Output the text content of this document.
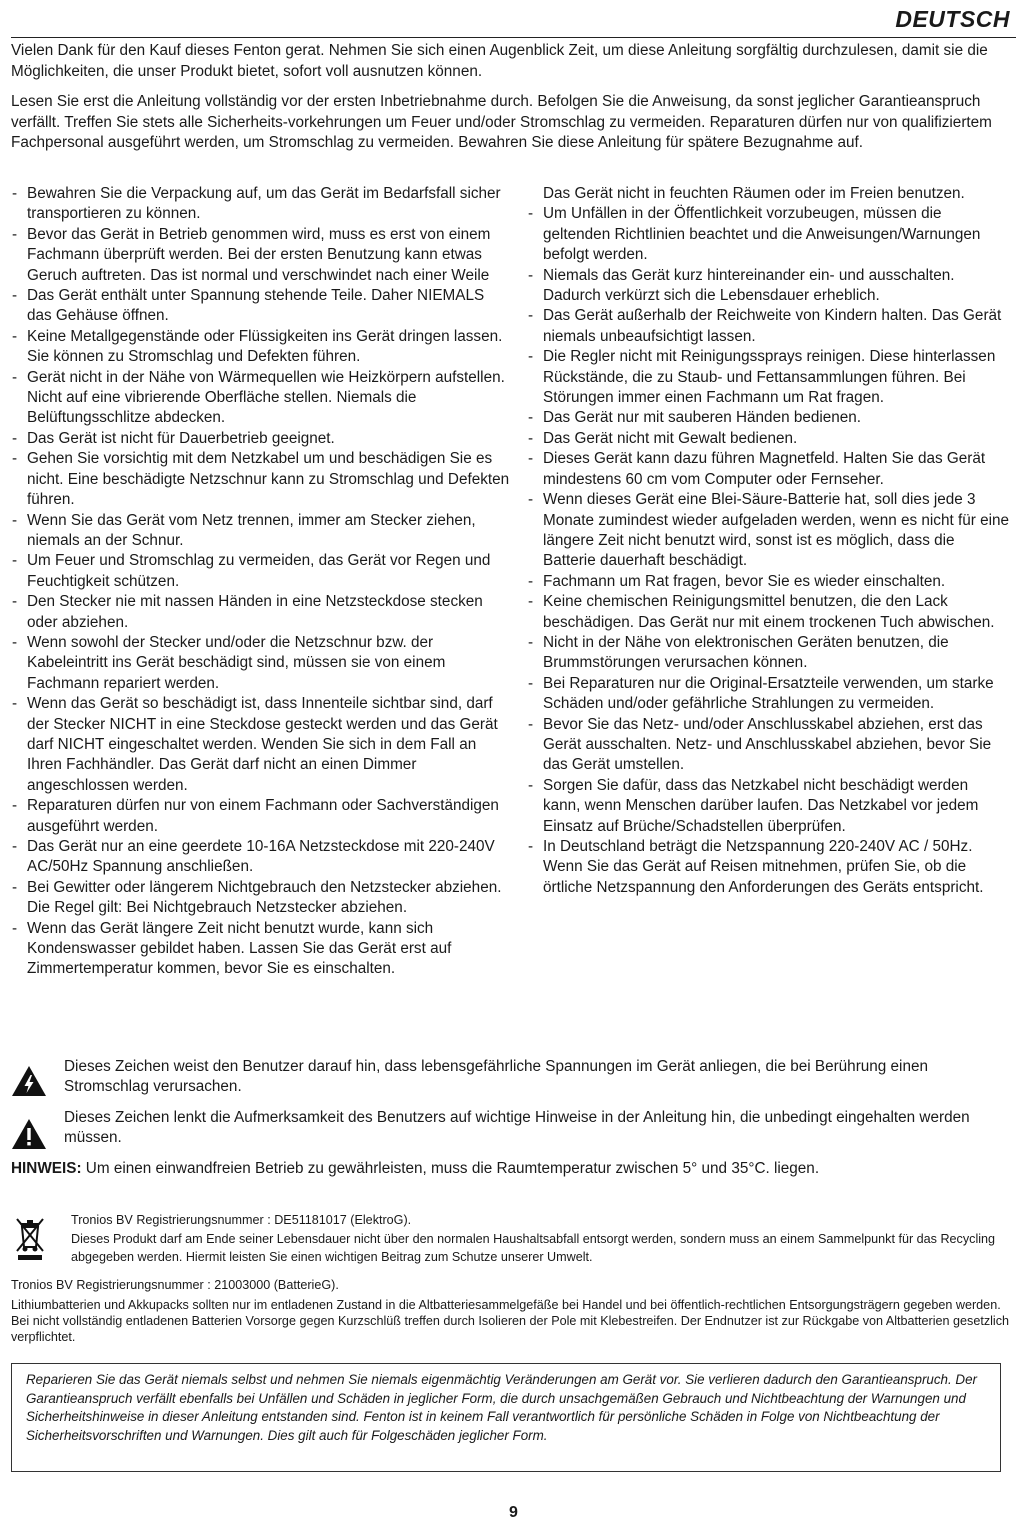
DEUTSCH

Vielen Dank für den Kauf dieses Fenton gerat. Nehmen Sie sich einen Augenblick Zeit, um diese Anleitung sorgfältig durchzulesen, damit sie die Möglichkeiten, die unser Produkt bietet, sofort voll ausnutzen können.

Lesen Sie erst die Anleitung vollständig vor der ersten Inbetriebnahme durch. Befolgen Sie die Anweisung, da sonst jeglicher Garantieanspruch verfällt. Treffen Sie stets alle Sicherheits-vorkehrungen um Feuer und/oder Stromschlag zu vermeiden. Reparaturen dürfen nur von qualifiziertem Fachpersonal ausgeführt werden, um Stromschlag zu vermeiden. Bewahren Sie diese Anleitung für spätere Bezugnahme auf.

- Bewahren Sie die Verpackung auf, um das Gerät im Bedarfsfall sicher transportieren zu können.
- Bevor das Gerät in Betrieb genommen wird, muss es erst von einem Fachmann überprüft werden. Bei der ersten Benutzung kann etwas Geruch auftreten. Das ist normal und verschwindet nach einer Weile
- Das Gerät enthält unter Spannung stehende Teile. Daher NIEMALS das Gehäuse öffnen.
- Keine Metallgegenstände oder Flüssigkeiten ins Gerät dringen lassen. Sie können zu Stromschlag und Defekten führen.
- Gerät nicht in der Nähe von Wärmequellen wie Heizkörpern aufstellen. Nicht auf eine vibrierende Oberfläche stellen. Niemals die Belüftungsschlitze abdecken.
- Das Gerät ist nicht für Dauerbetrieb geeignet.
- Gehen Sie vorsichtig mit dem Netzkabel um und beschädigen Sie es nicht. Eine beschädigte Netzschnur kann zu Stromschlag und Defekten führen.
- Wenn Sie das Gerät vom Netz trennen, immer am Stecker ziehen, niemals an der Schnur.
- Um Feuer und Stromschlag zu vermeiden, das Gerät vor Regen und Feuchtigkeit schützen.
- Den Stecker nie mit nassen Händen in eine Netzsteckdose stecken oder abziehen.
- Wenn sowohl der Stecker und/oder die Netzschnur bzw. der Kabeleintritt ins Gerät beschädigt sind, müssen sie von einem Fachmann repariert werden.
- Wenn das Gerät so beschädigt ist, dass Innenteile sichtbar sind, darf der Stecker NICHT in eine Steckdose gesteckt werden und das Gerät darf NICHT eingeschaltet werden. Wenden Sie sich in dem Fall an Ihren Fachhändler. Das Gerät darf nicht an einen Dimmer angeschlossen werden.
- Reparaturen dürfen nur von einem Fachmann oder Sachverständigen ausgeführt werden.
- Das Gerät nur an eine geerdete 10-16A Netzsteckdose mit 220-240V AC/50Hz Spannung anschließen.
- Bei Gewitter oder längerem Nichtgebrauch den Netzstecker abziehen. Die Regel gilt: Bei Nichtgebrauch Netzstecker abziehen.
- Wenn das Gerät längere Zeit nicht benutzt wurde, kann sich Kondenswasser gebildet haben. Lassen Sie das Gerät erst auf Zimmertemperatur kommen, bevor Sie es einschalten.
Das Gerät nicht in feuchten Räumen oder im Freien benutzen.
- Um Unfällen in der Öffentlichkeit vorzubeugen, müssen die geltenden Richtlinien beachtet und die Anweisungen/Warnungen befolgt werden.
- Niemals das Gerät kurz hintereinander ein- und ausschalten. Dadurch verkürzt sich die Lebensdauer erheblich.
- Das Gerät außerhalb der Reichweite von Kindern halten. Das Gerät niemals unbeaufsichtigt lassen.
- Die Regler nicht mit Reinigungssprays reinigen. Diese hinterlassen Rückstände, die zu Staub- und Fettansammlungen führen. Bei Störungen immer einen Fachmann um Rat fragen.
- Das Gerät nur mit sauberen Händen bedienen.
- Das Gerät nicht mit Gewalt bedienen.
- Dieses Gerät kann dazu führen Magnetfeld. Halten Sie das Gerät mindestens 60 cm vom Computer oder Fernseher.
- Wenn dieses Gerät eine Blei-Säure-Batterie hat, soll dies jede 3 Monate zumindest wieder aufgeladen werden, wenn es nicht für eine längere Zeit nicht benutzt wird, sonst ist es möglich, dass die Batterie dauerhaft beschädigt.
- Fachmann um Rat fragen, bevor Sie es wieder einschalten.
- Keine chemischen Reinigungsmittel benutzen, die den Lack beschädigen. Das Gerät nur mit einem trockenen Tuch abwischen.
- Nicht in der Nähe von elektronischen Geräten benutzen, die Brummstörungen verursachen können.
- Bei Reparaturen nur die Original-Ersatzteile verwenden, um starke Schäden und/oder gefährliche Strahlungen zu vermeiden.
- Bevor Sie das Netz- und/oder Anschlusskabel abziehen, erst das Gerät ausschalten. Netz- und Anschlusskabel abziehen, bevor Sie das Gerät umstellen.
- Sorgen Sie dafür, dass das Netzkabel nicht beschädigt werden kann, wenn Menschen darüber laufen. Das Netzkabel vor jedem Einsatz auf Brüche/Schadstellen überprüfen.
- In Deutschland beträgt die Netzspannung 220-240V AC / 50Hz. Wenn Sie das Gerät auf Reisen mitnehmen, prüfen Sie, ob die örtliche Netzspannung den Anforderungen des Geräts entspricht.
Dieses Zeichen weist den Benutzer darauf hin, dass lebensgefährliche Spannungen im Gerät anliegen, die bei Berührung einen Stromschlag verursachen.
Dieses Zeichen lenkt die Aufmerksamkeit des Benutzers auf wichtige Hinweise in der Anleitung hin, die unbedingt eingehalten werden müssen.
HINWEIS: Um einen einwandfreien Betrieb zu gewährleisten, muss die Raumtemperatur zwischen 5° und 35°C. liegen.
Tronios BV Registrierungsnummer : DE51181017 (ElektroG).
Dieses Produkt darf am Ende seiner Lebensdauer nicht über den normalen Haushaltsabfall entsorgt werden, sondern muss an einem Sammelpunkt für das Recycling abgegeben werden. Hiermit leisten Sie einen wichtigen Beitrag zum Schutze unserer Umwelt.

Tronios BV Registrierungsnummer : 21003000 (BatterieG).

Lithiumbatterien und Akkupacks sollten nur im entladenen Zustand in die Altbatteriesammelgefäße bei Handel und bei öffentlich-rechtlichen Entsorgungsträgern gegeben werden. Bei nicht vollständig entladenen Batterien Vorsorge gegen Kurzschlüß treffen durch Isolieren der Pole mit Klebestreifen. Der Endnutzer ist zur Rückgabe von Altbatterien gesetzlich verpflichtet.

Reparieren Sie das Gerät niemals selbst und nehmen Sie niemals eigenmächtig Veränderungen am Gerät vor. Sie verlieren dadurch den Garantieanspruch. Der Garantieanspruch verfällt ebenfalls bei Unfällen und Schäden in jeglicher Form, die durch unsachgemäßen Gebrauch und Nichtbeachtung der Warnungen und Sicherheitshinweise in dieser Anleitung entstanden sind. Fenton ist in keinem Fall verantwortlich für persönliche Schäden in Folge von Nichtbeachtung der Sicherheitsvorschriften und Warnungen. Dies gilt auch für Folgeschäden jeglicher Form.
9
